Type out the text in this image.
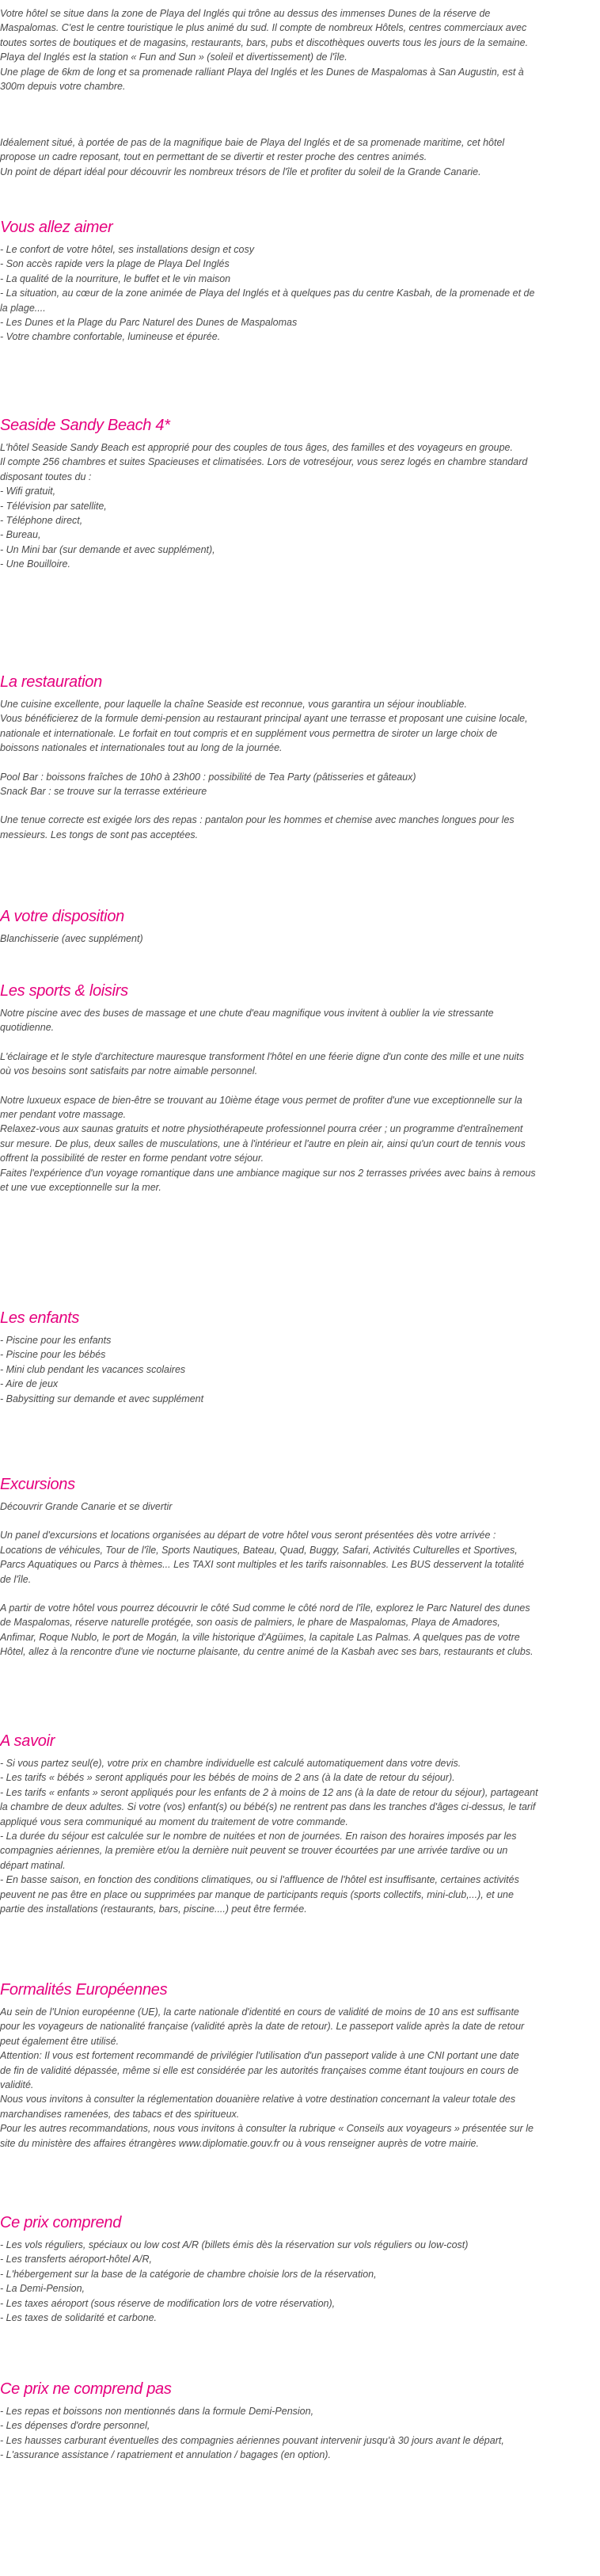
Votre hôtel se situe dans la zone de Playa del Inglés qui trône au dessus des immenses Dunes de la réserve de
Maspalomas. C'est le centre touristique le plus animé du sud. Il compte de nombreux Hôtels, centres commerciaux avec
toutes sortes de boutiques et de magasins, restaurants, bars, pubs et discothèques ouverts tous les jours de la semaine.
Playa del Inglés est la station « Fun and Sun » (soleil et divertissement) de l'île.
Une plage de 6km de long et sa promenade ralliant Playa del Inglés et les Dunes de Maspalomas à San Augustin, est à
300m depuis votre chambre.
Idéalement situé, à portée de pas de la magnifique baie de Playa del Inglés et de sa promenade maritime, cet hôtel
propose un cadre reposant, tout en permettant de se divertir et rester proche des centres animés.
Un point de départ idéal pour découvrir les nombreux trésors de l'île et profiter du soleil de la Grande Canarie.
Vous allez aimer
- Le confort de votre hôtel, ses installations design et cosy
- Son accès rapide vers la plage de Playa Del Inglés
- La qualité de la nourriture, le buffet et le vin maison
- La situation, au cœur de la zone animée de Playa del Inglés et à quelques pas du centre Kasbah, de la promenade et de
la plage....
- Les Dunes et la Plage du Parc Naturel des Dunes de Maspalomas
- Votre chambre confortable, lumineuse et épurée.
Seaside Sandy Beach 4*
L'hôtel Seaside Sandy Beach est approprié pour des couples de tous âges, des familles et des voyageurs en groupe.
Il compte 256 chambres et suites Spacieuses et climatisées. Lors de votreséjour, vous serez logés en chambre standard
disposant toutes du :
- Wifi gratuit,
- Télévision par satellite,
- Téléphone direct,
- Bureau,
- Un Mini bar (sur demande et avec supplément),
- Une Bouilloire.
La restauration
Une cuisine excellente, pour laquelle la chaîne Seaside est reconnue, vous garantira un séjour inoubliable.
Vous bénéficierez de la formule demi-pension au restaurant principal ayant une terrasse et proposant une cuisine locale,
nationale et internationale. Le forfait en tout compris et en supplément vous permettra de siroter un large choix de
boissons nationales et internationales tout au long de la journée.
Pool Bar : boissons fraîches de 10h0 à 23h00 : possibilité de Tea Party (pâtisseries et gâteaux)
Snack Bar : se trouve sur la terrasse extérieure
Une tenue correcte est exigée lors des repas : pantalon pour les hommes et chemise avec manches longues pour les
messieurs. Les tongs de sont pas acceptées.
A votre disposition
Blanchisserie (avec supplément)
Les sports & loisirs
Notre piscine avec des buses de massage et une chute d'eau magnifique vous invitent à oublier la vie stressante
quotidienne.
L'éclairage et le style d'architecture mauresque transforment l'hôtel en une féerie digne d'un conte des mille et une nuits
où vos besoins sont satisfaits par notre aimable personnel.
Notre luxueux espace de bien-être se trouvant au 10ième étage vous permet de profiter d'une vue exceptionnelle sur la
mer pendant votre massage.
Relaxez-vous aux saunas gratuits et notre physiothérapeute professionnel pourra créer ; un programme d'entraînement
sur mesure. De plus, deux salles de musculations, une à l'intérieur et l'autre en plein air, ainsi qu'un court de tennis vous
offrent la possibilité de rester en forme pendant votre séjour.
Faites l'expérience d'un voyage romantique dans une ambiance magique sur nos 2 terrasses privées avec bains à remous
et une vue exceptionnelle sur la mer.
Les enfants
- Piscine pour les enfants
- Piscine pour les bébés
- Mini club pendant les vacances scolaires
- Aire de jeux
- Babysitting sur demande et avec supplément
Excursions
Découvrir Grande Canarie et se divertir
Un panel d'excursions et locations organisées au départ de votre hôtel vous seront présentées dès votre arrivée :
Locations de véhicules, Tour de l'île, Sports Nautiques, Bateau, Quad, Buggy, Safari, Activités Culturelles et Sportives,
Parcs Aquatiques ou Parcs à thèmes... Les TAXI sont multiples et les tarifs raisonnables. Les BUS desservent la totalité
de l'île.
A partir de votre hôtel vous pourrez découvrir le côté Sud comme le côté nord de l'île, explorez le Parc Naturel des dunes
de Maspalomas, réserve naturelle protégée, son oasis de palmiers, le phare de Maspalomas, Playa de Amadores,
Anfimar, Roque Nublo, le port de Mogán, la ville historique d'Agüimes, la capitale Las Palmas. A quelques pas de votre
Hôtel, allez à la rencontre d'une vie nocturne plaisante, du centre animé de la Kasbah avec ses bars, restaurants et clubs.
A savoir
- Si vous partez seul(e), votre prix en chambre individuelle est calculé automatiquement dans votre devis.
- Les tarifs « bébés » seront appliqués pour les bébés de moins de 2 ans (à la date de retour du séjour).
- Les tarifs « enfants » seront appliqués pour les enfants de 2 à moins de 12 ans (à la date de retour du séjour), partageant
la chambre de deux adultes. Si votre (vos) enfant(s) ou bébé(s) ne rentrent pas dans les tranches d'âges ci-dessus, le tarif
appliqué vous sera communiqué au moment du traitement de votre commande.
- La durée du séjour est calculée sur le nombre de nuitées et non de journées. En raison des horaires imposés par les
compagnies aériennes, la première et/ou la dernière nuit peuvent se trouver écourtées par une arrivée tardive ou un
départ matinal.
- En basse saison, en fonction des conditions climatiques, ou si l'affluence de l'hôtel est insuffisante, certaines activités
peuvent ne pas être en place ou supprimées par manque de participants requis (sports collectifs, mini-club,...), et une
partie des installations (restaurants, bars, piscine....) peut être fermée.
Formalités Européennes
Au sein de l'Union européenne (UE), la carte nationale d'identité en cours de validité de moins de 10 ans est suffisante
pour les voyageurs de nationalité française (validité après la date de retour). Le passeport valide après la date de retour
peut également être utilisé.
Attention: Il vous est fortement recommandé de privilégier l'utilisation d'un passeport valide à une CNI portant une date
de fin de validité dépassée, même si elle est considérée par les autorités françaises comme étant toujours en cours de
validité.
Nous vous invitons à consulter la réglementation douanière relative à votre destination concernant la valeur totale des
marchandises ramenées, des tabacs et des spiritueux.
Pour les autres recommandations, nous vous invitons à consulter la rubrique « Conseils aux voyageurs » présentée sur le
site du ministère des affaires étrangères www.diplomatie.gouv.fr ou à vous renseigner auprès de votre mairie.
Ce prix comprend
- Les vols réguliers, spéciaux ou low cost A/R (billets émis dès la réservation sur vols réguliers ou low-cost)
- Les transferts aéroport-hôtel A/R,
- L'hébergement sur la base de la catégorie de chambre choisie lors de la réservation,
- La Demi-Pension,
- Les taxes aéroport (sous réserve de modification lors de votre réservation),
- Les taxes de solidarité et carbone.
Ce prix ne comprend pas
- Les repas et boissons non mentionnés dans la formule Demi-Pension,
- Les dépenses d'ordre personnel,
- Les hausses carburant éventuelles des compagnies aériennes pouvant intervenir jusqu'à 30 jours avant le départ,
- L'assurance assistance / rapatriement et annulation / bagages (en option).
